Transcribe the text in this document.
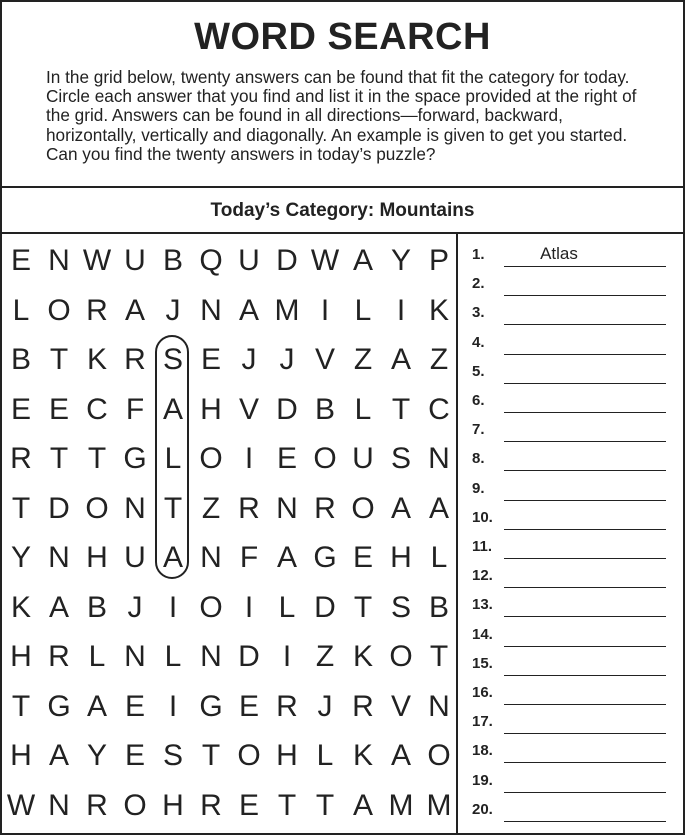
WORD SEARCH

In the grid below, twenty answers can be found that fit the category for today. Circle each answer that you find and list it in the space provided at the right of the grid. Answers can be found in all directions—forward, backward, horizontally, vertically and diagonally. An example is given to get you started. Can you find the twenty answers in today’s puzzle?

Today’s Category: Mountains
E N W U B Q U D W A Y P
L O R A J N A M I L I K
B T K R S E J J V Z A Z
E E C F A H V D B L T C
R T T G L O I E O U S N
T D O N T Z R N R O A A
Y N H U A N F A G E H L
K A B J I O I L D T S B
H R L N L N D I Z K O T
T G A E I G E R J R V N
H A Y E S T O H L K A O
W N R O H R E T T A M M
1.	Atlas
2.
3.
4.
5.
6.
7.
8.
9.
10.
11.
12.
13.
14.
15.
16.
17.
18.
19.
20.
